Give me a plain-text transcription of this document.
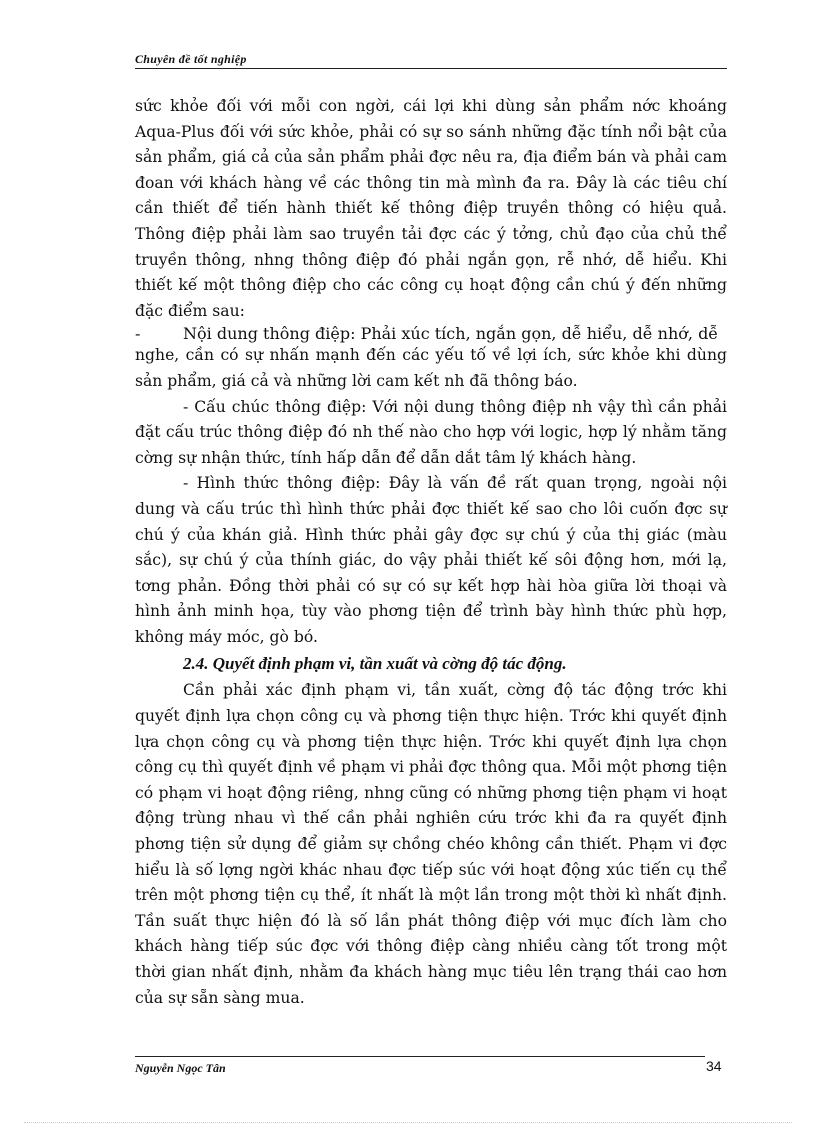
Chuyên đề tốt nghiệp

sức khỏe đối với mỗi con ngời, cái lợi khi dùng sản phẩm nớc khoáng Aqua-Plus đối với sức khỏe, phải có sự so sánh những đặc tính nổi bật của sản phẩm, giá cả của sản phẩm phải đợc nêu ra, địa điểm bán và phải cam đoan với khách hàng về các thông tin mà mình đa ra. Đây là các tiêu chí cần thiết để tiến hành thiết kế thông điệp truyền thông có hiệu quả. Thông điệp phải làm sao truyền tải đợc các ý tởng, chủ đạo của chủ thể truyền thông, nhng thông điệp đó phải ngắn gọn, rễ nhớ, dễ hiểu. Khi thiết kế một thông điệp cho các công cụ hoạt động cần chú ý đến những đặc điểm sau:

-	Nội dung thông điệp: Phải xúc tích, ngắn gọn, dễ hiểu, dễ nhớ, dễ

nghe, cần có sự nhấn mạnh đến các yếu tố về lợi ích, sức khỏe khi dùng sản phẩm, giá cả và những lời cam kết nh đã thông báo.

- Cấu chúc thông điệp: Với nội dung thông điệp nh vậy thì cần phải đặt cấu trúc thông điệp đó nh thế nào cho hợp với logic, hợp lý nhằm tăng cờng sự nhận thức, tính hấp dẫn để dẫn dắt tâm lý khách hàng.

- Hình thức thông điệp: Đây là vấn đề rất quan trọng, ngoài nội dung và cấu trúc thì hình thức phải đợc thiết kế sao cho lôi cuốn đợc sự chú ý của khán giả. Hình thức phải gây đợc sự chú ý của thị giác (màu sắc), sự chú ý của thính giác, do vậy phải thiết kế sôi động hơn, mới lạ, tơng phản. Đồng thời phải có sự có sự kết hợp hài hòa giữa lời thoại và hình ảnh minh họa, tùy vào phơng tiện để trình bày hình thức phù hợp, không máy móc, gò bó.

2.4. Quyết định phạm vi, tần xuất và cờng độ tác động.

Cần phải xác định phạm vi, tần xuất, cờng độ tác động trớc khi quyết định lựa chọn công cụ và phơng tiện thực hiện. Trớc khi quyết định lựa chọn công cụ và phơng tiện thực hiện. Trớc khi quyết định lựa chọn công cụ thì quyết định về phạm vi phải đợc thông qua. Mỗi một phơng tiện có phạm vi hoạt động riêng, nhng cũng có những phơng tiện phạm vi hoạt động trùng nhau vì thế cần phải nghiên cứu trớc khi đa ra quyết định phơng tiện sử dụng để giảm sự chồng chéo không cần thiết. Phạm vi đợc hiểu là số lợng ngời khác nhau đợc tiếp súc với hoạt động xúc tiến cụ thể trên một phơng tiện cụ thể, ít nhất là một lần trong một thời kì nhất định. Tần suất thực hiện đó là số lần phát thông điệp với mục đích làm cho khách hàng tiếp súc đợc với thông điệp càng nhiều càng tốt trong một thời gian nhất định, nhằm đa khách hàng mục tiêu lên trạng thái cao hơn của sự sẵn sàng mua.

Nguyễn Ngọc Tân	34
